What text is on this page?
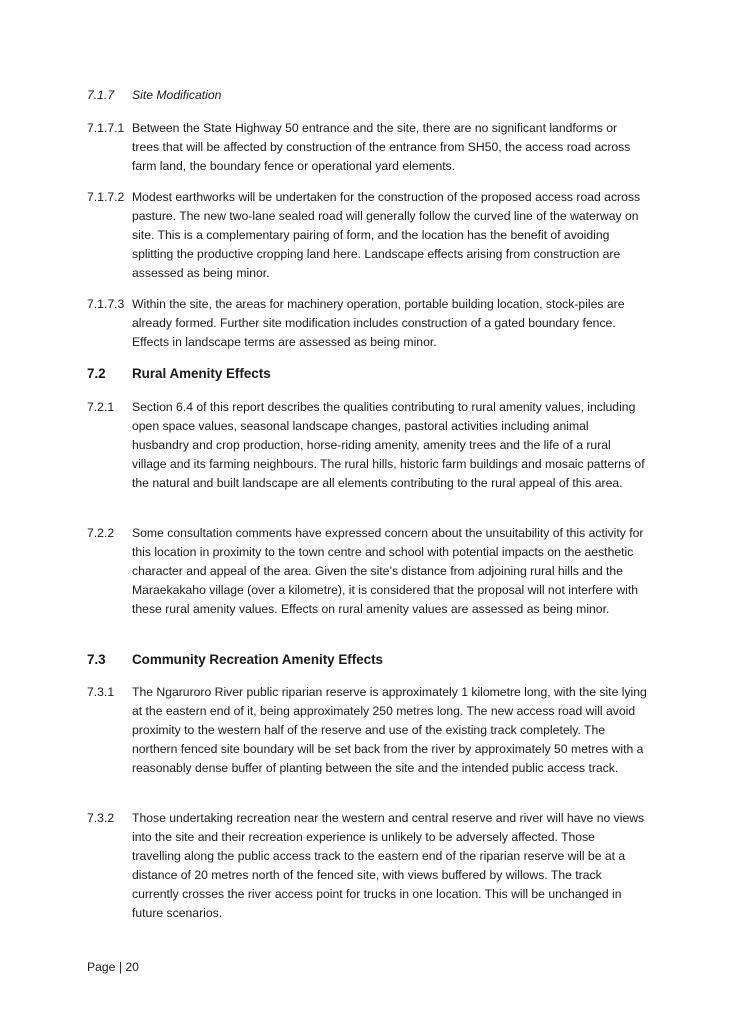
7.1.7 Site Modification
7.1.7.1 Between the State Highway 50 entrance and the site, there are no significant landforms or trees that will be affected by construction of the entrance from SH50, the access road across farm land, the boundary fence or operational yard elements.
7.1.7.2 Modest earthworks will be undertaken for the construction of the proposed access road across pasture. The new two-lane sealed road will generally follow the curved line of the waterway on site. This is a complementary pairing of form, and the location has the benefit of avoiding splitting the productive cropping land here. Landscape effects arising from construction are assessed as being minor.
7.1.7.3 Within the site, the areas for machinery operation, portable building location, stock-piles are already formed. Further site modification includes construction of a gated boundary fence. Effects in landscape terms are assessed as being minor.
7.2 Rural Amenity Effects
7.2.1 Section 6.4 of this report describes the qualities contributing to rural amenity values, including open space values, seasonal landscape changes, pastoral activities including animal husbandry and crop production, horse-riding amenity, amenity trees and the life of a rural village and its farming neighbours. The rural hills, historic farm buildings and mosaic patterns of the natural and built landscape are all elements contributing to the rural appeal of this area.
7.2.2 Some consultation comments have expressed concern about the unsuitability of this activity for this location in proximity to the town centre and school with potential impacts on the aesthetic character and appeal of the area. Given the site’s distance from adjoining rural hills and the Maraekakaho village (over a kilometre), it is considered that the proposal will not interfere with these rural amenity values. Effects on rural amenity values are assessed as being minor.
7.3 Community Recreation Amenity Effects
7.3.1 The Ngaruroro River public riparian reserve is approximately 1 kilometre long, with the site lying at the eastern end of it, being approximately 250 metres long. The new access road will avoid proximity to the western half of the reserve and use of the existing track completely. The northern fenced site boundary will be set back from the river by approximately 50 metres with a reasonably dense buffer of planting between the site and the intended public access track.
7.3.2 Those undertaking recreation near the western and central reserve and river will have no views into the site and their recreation experience is unlikely to be adversely affected. Those travelling along the public access track to the eastern end of the riparian reserve will be at a distance of 20 metres north of the fenced site, with views buffered by willows. The track currently crosses the river access point for trucks in one location. This will be unchanged in future scenarios.
Page | 20
